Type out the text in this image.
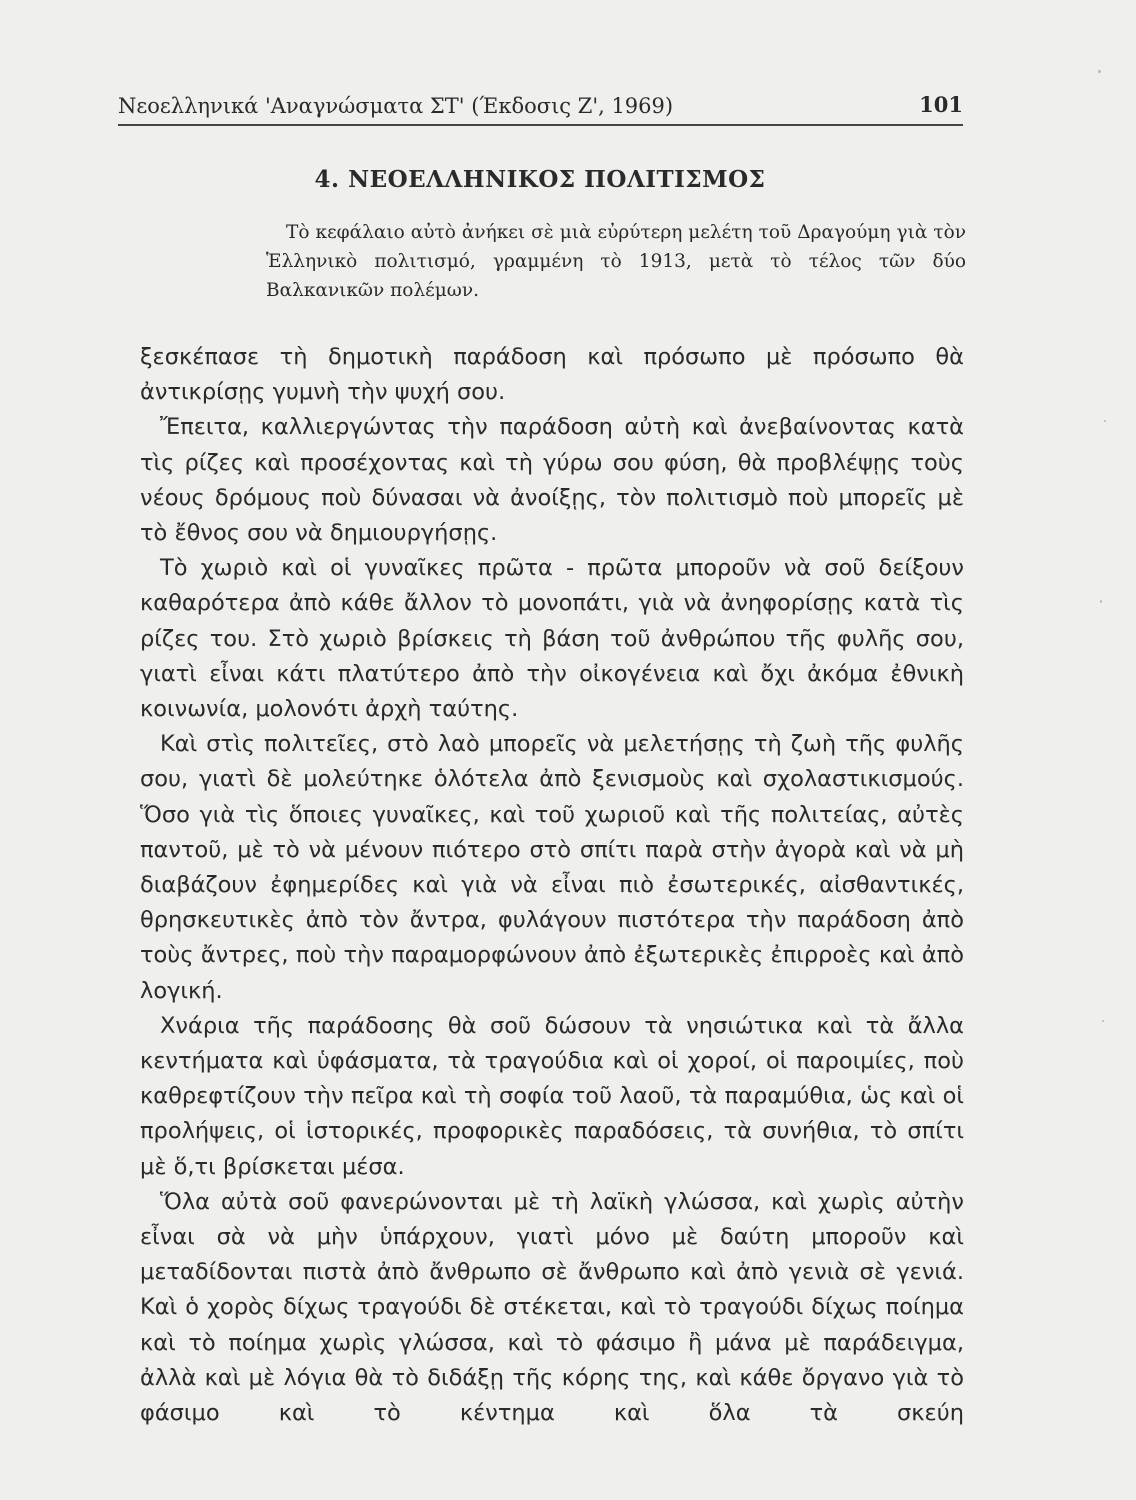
Νεοελληνικά 'Αναγνώσματα ΣΤ' (Έκδοσις Ζ', 1969)	101
4. ΝΕΟΕΛΛΗΝΙΚΟΣ ΠΟΛΙΤΙΣΜΟΣ

Τὸ κεφάλαιο αὐτὸ ἀνήκει σὲ μιὰ εὐρύτερη μελέτη τοῦ Δραγούμη γιὰ τὸν Ἑλληνικὸ πολιτισμό, γραμμένη τὸ 1913, μετὰ τὸ τέλος τῶν δύο Βαλκανικῶν πολέμων.

ξεσκέπασε τὴ δημοτικὴ παράδοση καὶ πρόσωπο μὲ πρόσωπο θὰ ἀντικρίσῃς γυμνὴ τὴν ψυχή σου.

Ἔπειτα, καλλιεργώντας τὴν παράδοση αὐτὴ καὶ ἀνεβαίνοντας κατὰ τὶς ρίζες καὶ προσέχοντας καὶ τὴ γύρω σου φύση, θὰ προβλέψῃς τοὺς νέους δρόμους ποὺ δύνασαι νὰ ἀνοίξῃς, τὸν πολιτισμὸ ποὺ μπορεῖς μὲ τὸ ἔθνος σου νὰ δημιουργήσῃς.

Τὸ χωριὸ καὶ οἱ γυναῖκες πρῶτα - πρῶτα μποροῦν νὰ σοῦ δείξουν καθαρότερα ἀπὸ κάθε ἄλλον τὸ μονοπάτι, γιὰ νὰ ἀνηφορίσῃς κατὰ τὶς ρίζες του. Στὸ χωριὸ βρίσκεις τὴ βάση τοῦ ἀνθρώπου τῆς φυλῆς σου, γιατὶ εἶναι κάτι πλατύτερο ἀπὸ τὴν οἰκογένεια καὶ ὄχι ἀκόμα ἐθνικὴ κοινωνία, μολονότι ἀρχὴ ταύτης.

Καὶ στὶς πολιτεῖες, στὸ λαὸ μπορεῖς νὰ μελετήσῃς τὴ ζωὴ τῆς φυλῆς σου, γιατὶ δὲ μολεύτηκε ὁλότελα ἀπὸ ξενισμοὺς καὶ σχολαστικισμούς. Ὅσο γιὰ τὶς ὅποιες γυναῖκες, καὶ τοῦ χωριοῦ καὶ τῆς πολιτείας, αὐτὲς παντοῦ, μὲ τὸ νὰ μένουν πιότερο στὸ σπίτι παρὰ στὴν ἀγορὰ καὶ νὰ μὴ διαβάζουν ἐφημερίδες καὶ γιὰ νὰ εἶναι πιὸ ἐσωτερικές, αἰσθαντικές, θρησκευτικὲς ἀπὸ τὸν ἄντρα, φυλάγουν πιστότερα τὴν παράδοση ἀπὸ τοὺς ἄντρες, ποὺ τὴν παραμορφώνουν ἀπὸ ἐξωτερικὲς ἐπιρροὲς καὶ ἀπὸ λογική.

Χνάρια τῆς παράδοσης θὰ σοῦ δώσουν τὰ νησιώτικα καὶ τὰ ἄλλα κεντήματα καὶ ὑφάσματα, τὰ τραγούδια καὶ οἱ χοροί, οἱ παροιμίες, ποὺ καθρεφτίζουν τὴν πεῖρα καὶ τὴ σοφία τοῦ λαοῦ, τὰ παραμύθια, ὡς καὶ οἱ προλήψεις, οἱ ἱστορικές, προφορικὲς παραδόσεις, τὰ συνήθια, τὸ σπίτι μὲ ὅ,τι βρίσκεται μέσα.

Ὅλα αὐτὰ σοῦ φανερώνονται μὲ τὴ λαϊκὴ γλώσσα, καὶ χωρὶς αὐτὴν εἶναι σὰ νὰ μὴν ὑπάρχουν, γιατὶ μόνο μὲ δαύτη μποροῦν καὶ μεταδίδονται πιστὰ ἀπὸ ἄνθρωπο σὲ ἄνθρωπο καὶ ἀπὸ γενιὰ σὲ γενιά. Καὶ ὁ χορὸς δίχως τραγούδι δὲ στέκεται, καὶ τὸ τραγούδι δίχως ποίημα καὶ τὸ ποίημα χωρὶς γλώσσα, καὶ τὸ φάσιμο ἢ μάνα μὲ παράδειγμα, ἀλλὰ καὶ μὲ λόγια θὰ τὸ διδάξῃ τῆς κόρης της, καὶ κάθε ὄργανο γιὰ τὸ φάσιμο καὶ τὸ κέντημα καὶ ὅλα τὰ σκεύη
